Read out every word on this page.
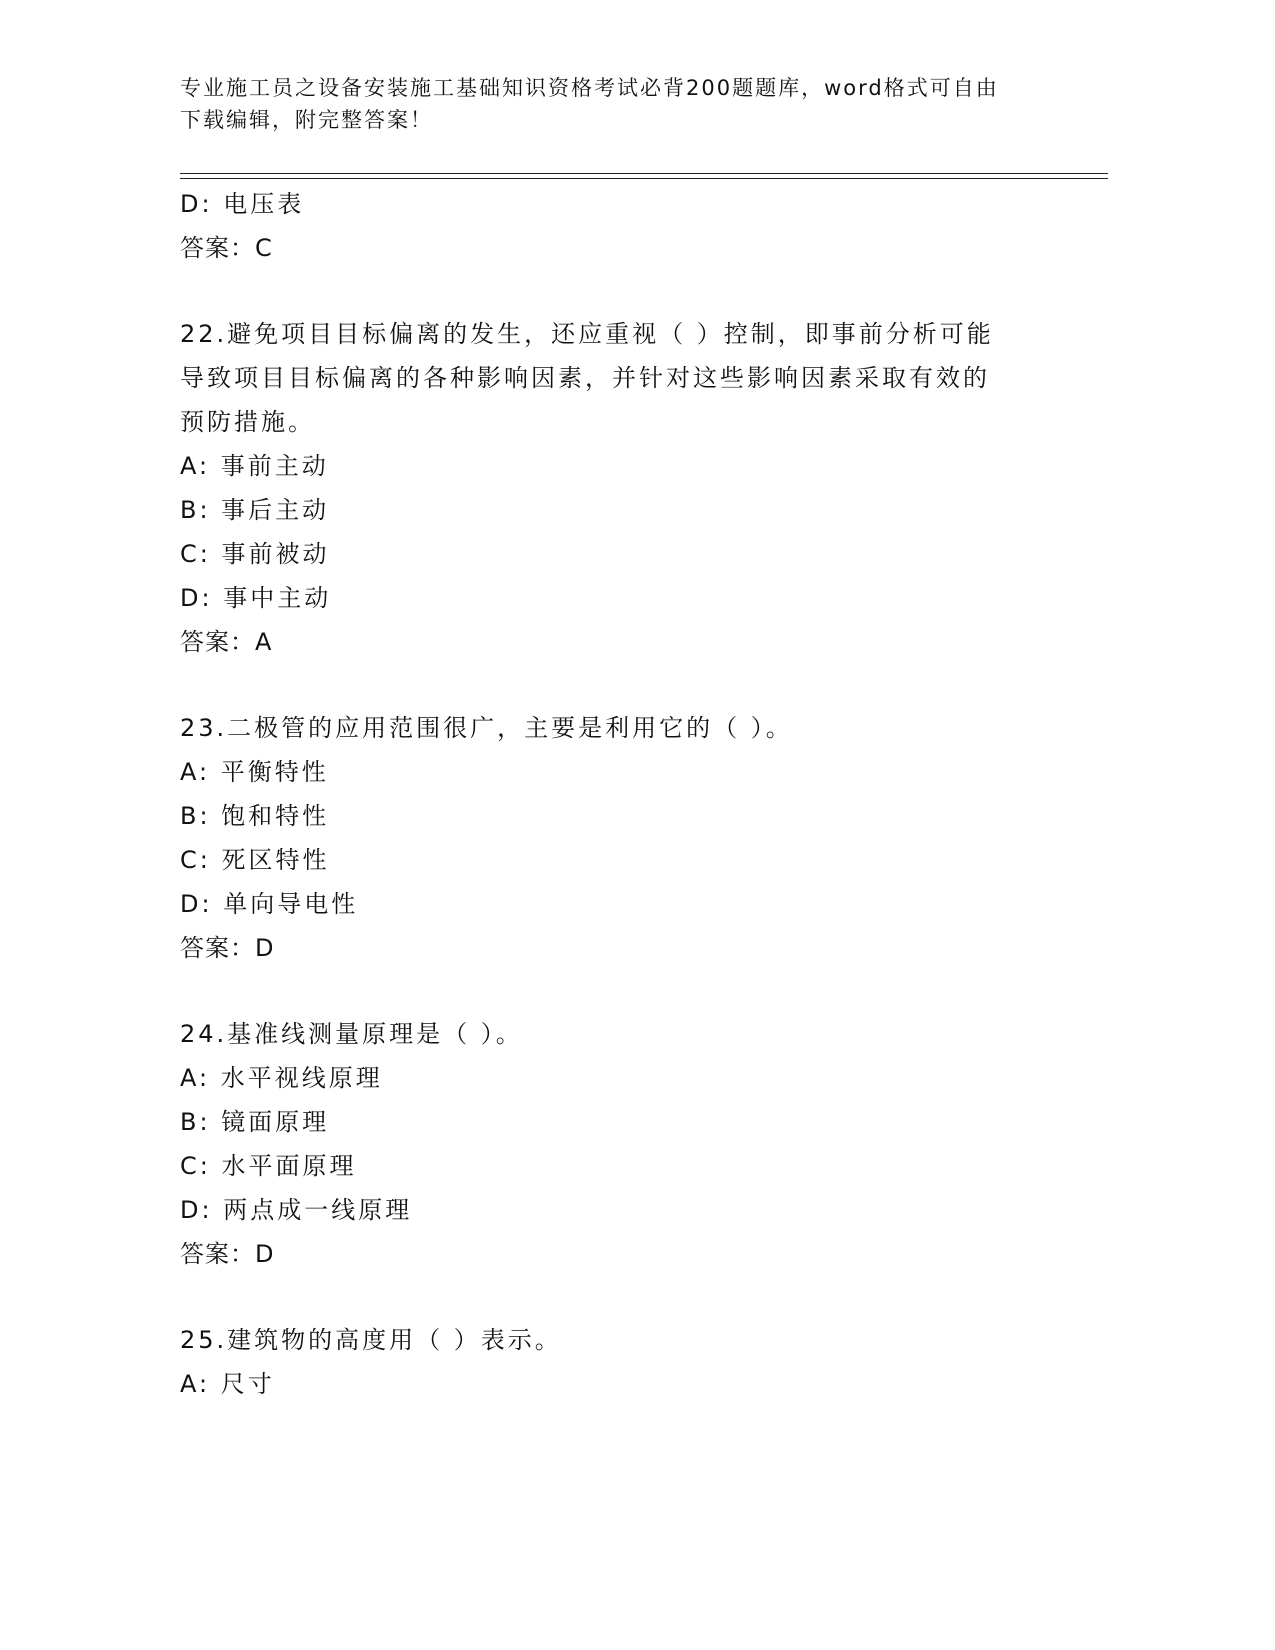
专业施工员之设备安装施工基础知识资格考试必背200题题库，word格式可自由
下载编辑，附完整答案！
D: 电压表
答案：C
22.避免项目目标偏离的发生，还应重视（ ）控制，即事前分析可能
导致项目目标偏离的各种影响因素，并针对这些影响因素采取有效的
预防措施。
A: 事前主动
B: 事后主动
C: 事前被动
D: 事中主动
答案：A
23.二极管的应用范围很广，主要是利用它的（ ）。
A: 平衡特性
B: 饱和特性
C: 死区特性
D: 单向导电性
答案：D
24.基准线测量原理是（ ）。
A: 水平视线原理
B: 镜面原理
C: 水平面原理
D: 两点成一线原理
答案：D
25.建筑物的高度用（ ）表示。
A: 尺寸
